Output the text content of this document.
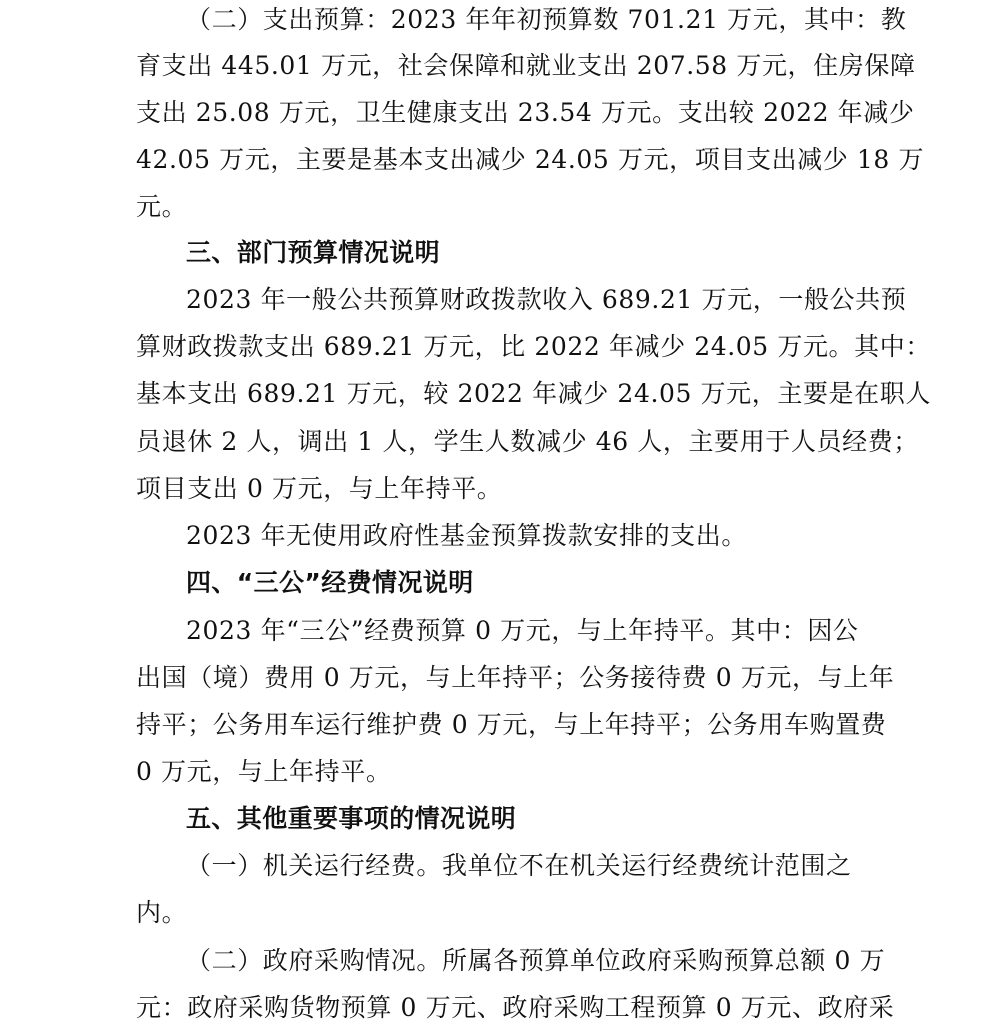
（二）支出预算：2023 年年初预算数 701.21 万元，其中：教
育支出 445.01 万元，社会保障和就业支出 207.58 万元，住房保障
支出 25.08 万元，卫生健康支出 23.54 万元。支出较 2022 年减少
42.05 万元，主要是基本支出减少 24.05 万元，项目支出减少 18 万
元。
三、部门预算情况说明
2023 年一般公共预算财政拨款收入 689.21 万元，一般公共预
算财政拨款支出 689.21 万元，比 2022 年减少 24.05 万元。其中：
基本支出 689.21 万元，较 2022 年减少 24.05 万元，主要是在职人
员退休 2 人，调出 1 人，学生人数减少 46 人，主要用于人员经费；
项目支出 0 万元，与上年持平。
2023 年无使用政府性基金预算拨款安排的支出。
四、“三公”经费情况说明
2023 年“三公”经费预算 0 万元，与上年持平。其中：因公
出国（境）费用 0 万元，与上年持平；公务接待费 0 万元，与上年
持平；公务用车运行维护费 0 万元，与上年持平；公务用车购置费
0 万元，与上年持平。
五、其他重要事项的情况说明
（一）机关运行经费。我单位不在机关运行经费统计范围之
内。
（二）政府采购情况。所属各预算单位政府采购预算总额 0 万
元：政府采购货物预算 0 万元、政府采购工程预算 0 万元、政府采
